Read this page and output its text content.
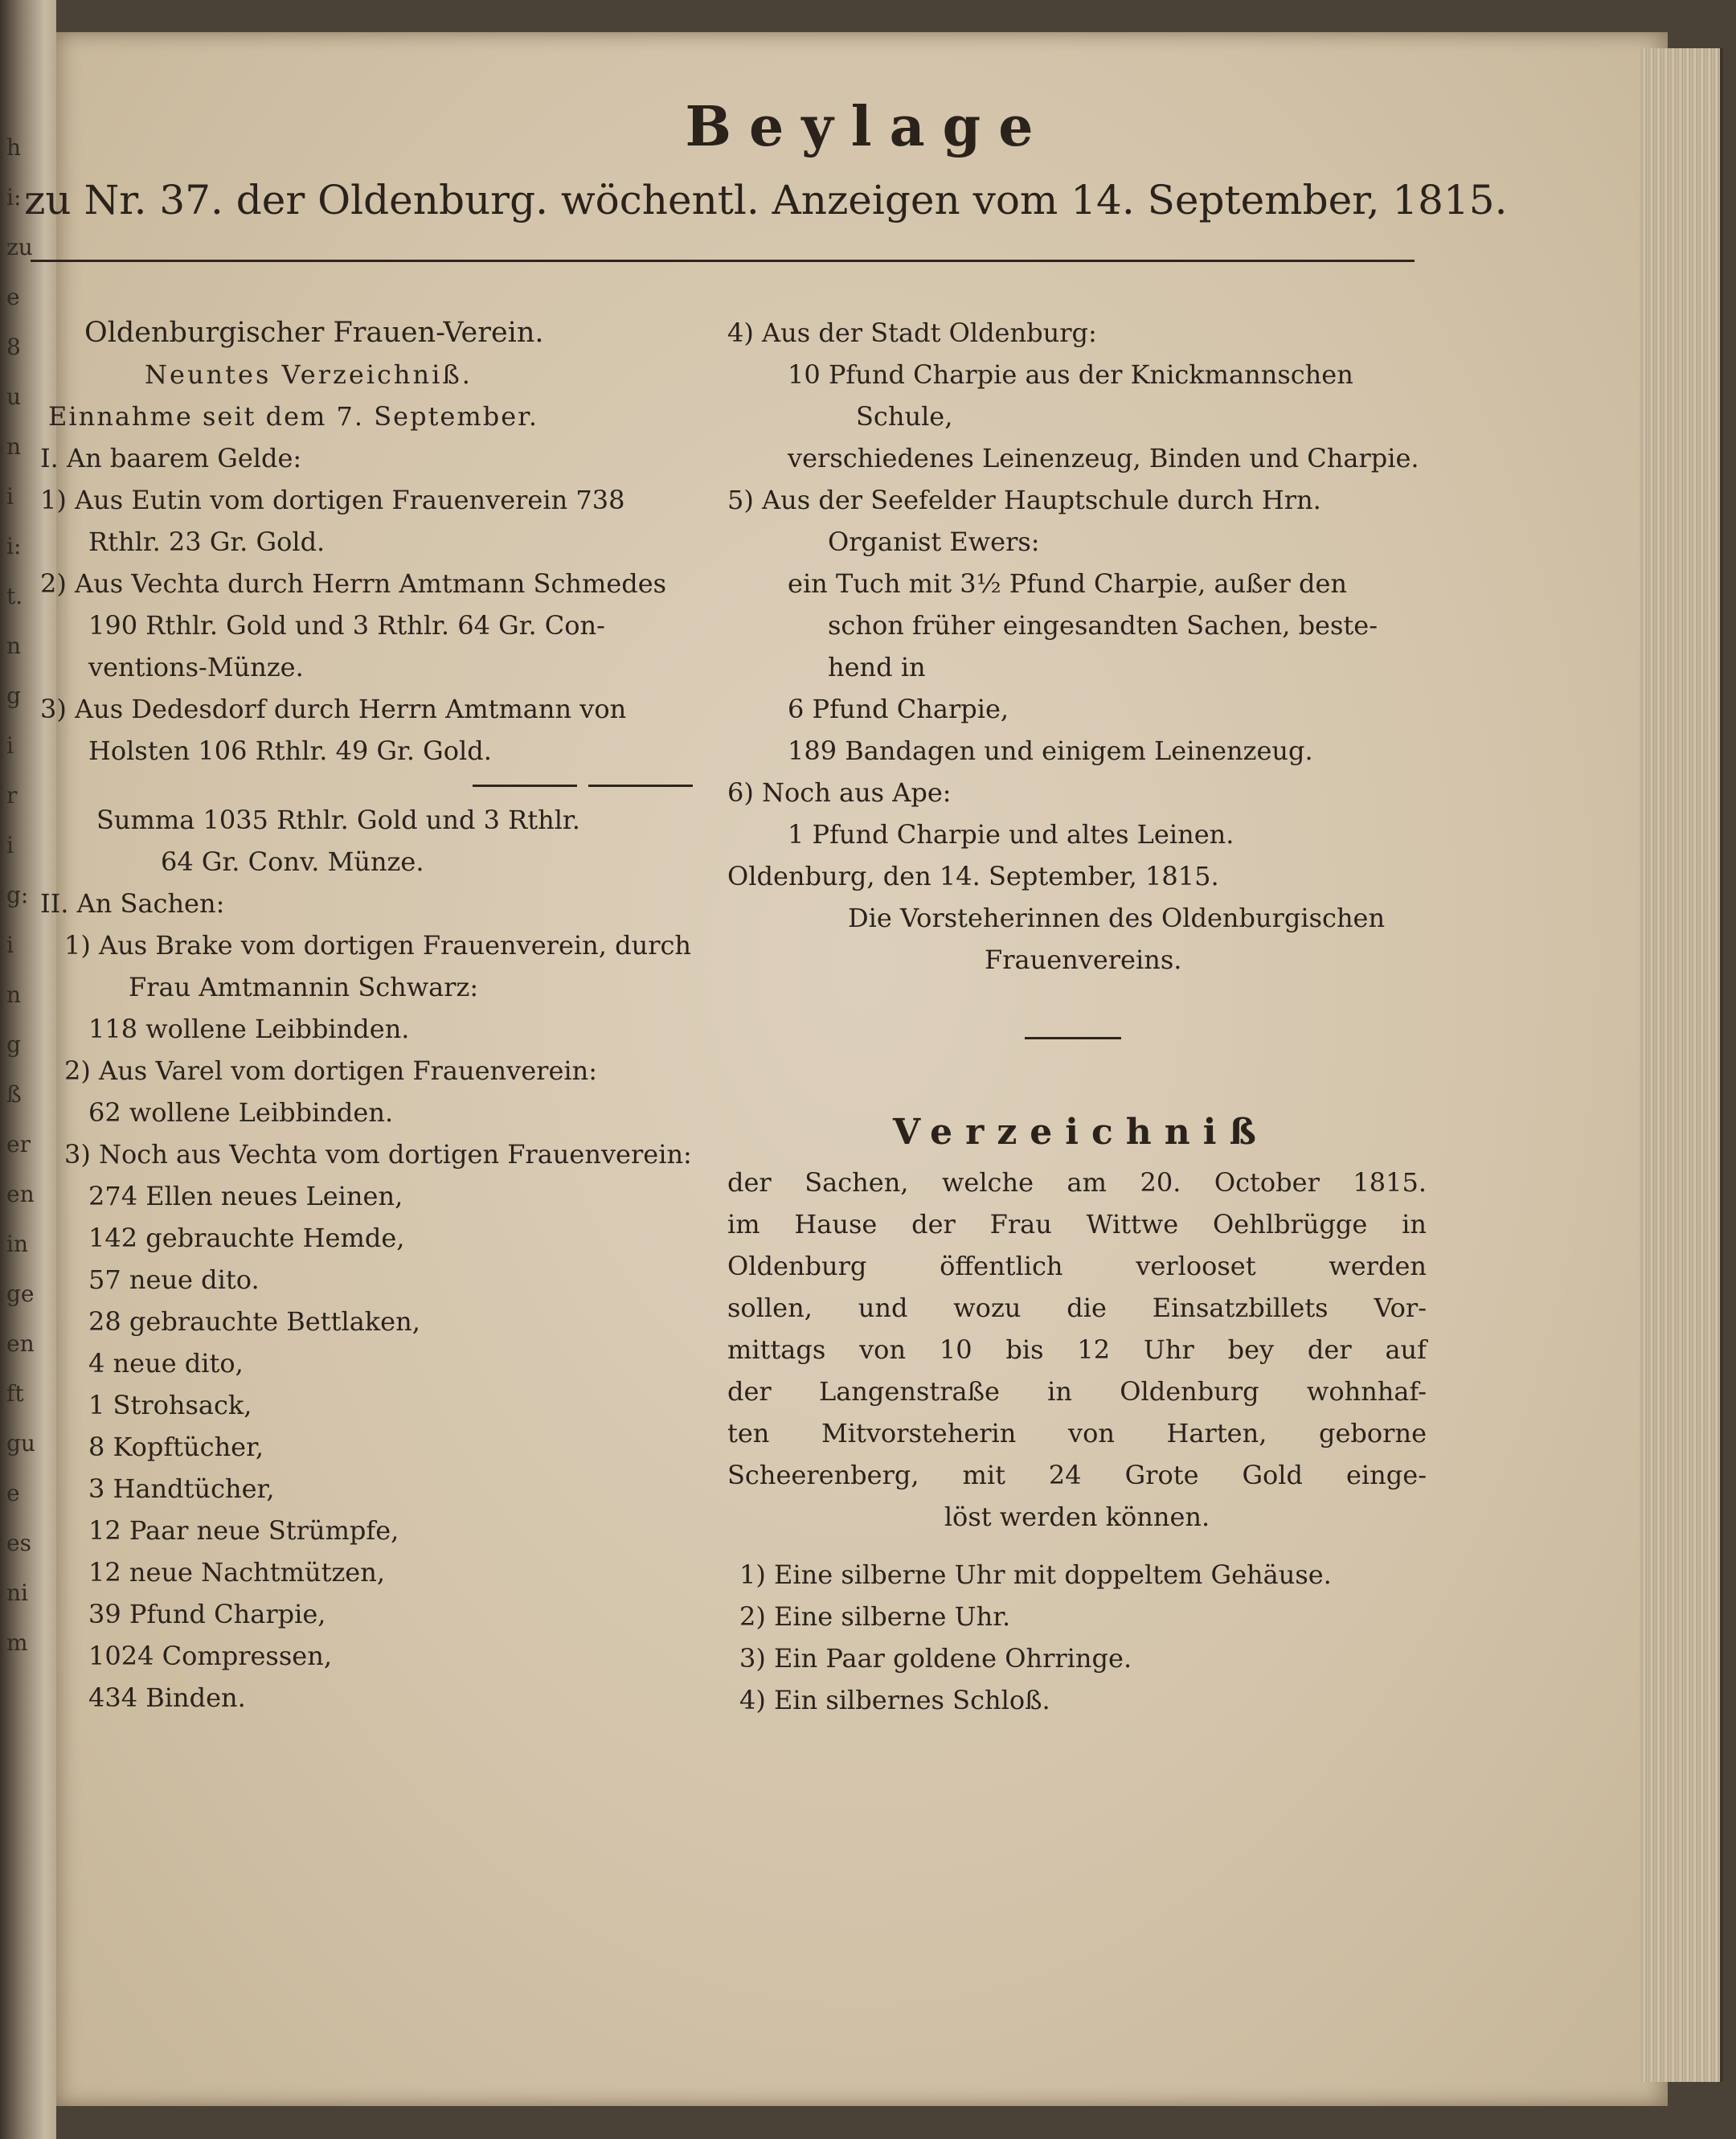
h
i:
zu
e
8
u
n
i
i:
t.
n
g
i
r
i
g:
i
n
g
ß
er
en
in
ge
en
ft
gu
e
es
ni
m
Beylage
zu Nr. 37. der Oldenburg. wöchentl. Anzeigen vom 14. September, 1815.

Oldenburgischer Frauen-Verein.

Neuntes Verzeichniß.

Einnahme seit dem 7. September.

I. An baarem Gelde:

1) Aus Eutin vom dortigen Frauenverein 738

Rthlr. 23 Gr. Gold.

2) Aus Vechta durch Herrn Amtmann Schmedes

190 Rthlr. Gold und 3 Rthlr. 64 Gr. Con-

ventions-Münze.

3) Aus Dedesdorf durch Herrn Amtmann von

Holsten 106 Rthlr. 49 Gr. Gold.

Summa 1035 Rthlr. Gold und 3 Rthlr.

64 Gr. Conv. Münze.

II. An Sachen:

1) Aus Brake vom dortigen Frauenverein, durch

Frau Amtmannin Schwarz:

118 wollene Leibbinden.

2) Aus Varel vom dortigen Frauenverein:

62 wollene Leibbinden.

3) Noch aus Vechta vom dortigen Frauenverein:

274 Ellen neues Leinen,

142 gebrauchte Hemde,

57 neue dito.

28 gebrauchte Bettlaken,

4 neue dito,

1 Strohsack,

8 Kopftücher,

3 Handtücher,

12 Paar neue Strümpfe,

12 neue Nachtmützen,

39 Pfund Charpie,

1024 Compressen,

434 Binden.

4) Aus der Stadt Oldenburg:

10 Pfund Charpie aus der Knickmannschen

Schule,

verschiedenes Leinenzeug, Binden und Charpie.

5) Aus der Seefelder Hauptschule durch Hrn.

Organist Ewers:

ein Tuch mit 3½ Pfund Charpie, außer den

schon früher eingesandten Sachen, beste-

hend in

6 Pfund Charpie,

189 Bandagen und einigem Leinenzeug.

6) Noch aus Ape:

1 Pfund Charpie und altes Leinen.

Oldenburg, den 14. September, 1815.

Die Vorsteherinnen des Oldenburgischen

Frauenvereins.

Verzeichniß

der Sachen, welche am 20. October 1815.

im Hause der Frau Wittwe Oehlbrügge in

Oldenburg öffentlich verlooset werden

sollen, und wozu die Einsatzbillets Vor-

mittags von 10 bis 12 Uhr bey der auf

der Langenstraße in Oldenburg wohnhaf-

ten Mitvorsteherin von Harten, geborne

Scheerenberg, mit 24 Grote Gold einge-

löst werden können.

1) Eine silberne Uhr mit doppeltem Gehäuse.

2) Eine silberne Uhr.

3) Ein Paar goldene Ohrringe.

4) Ein silbernes Schloß.
